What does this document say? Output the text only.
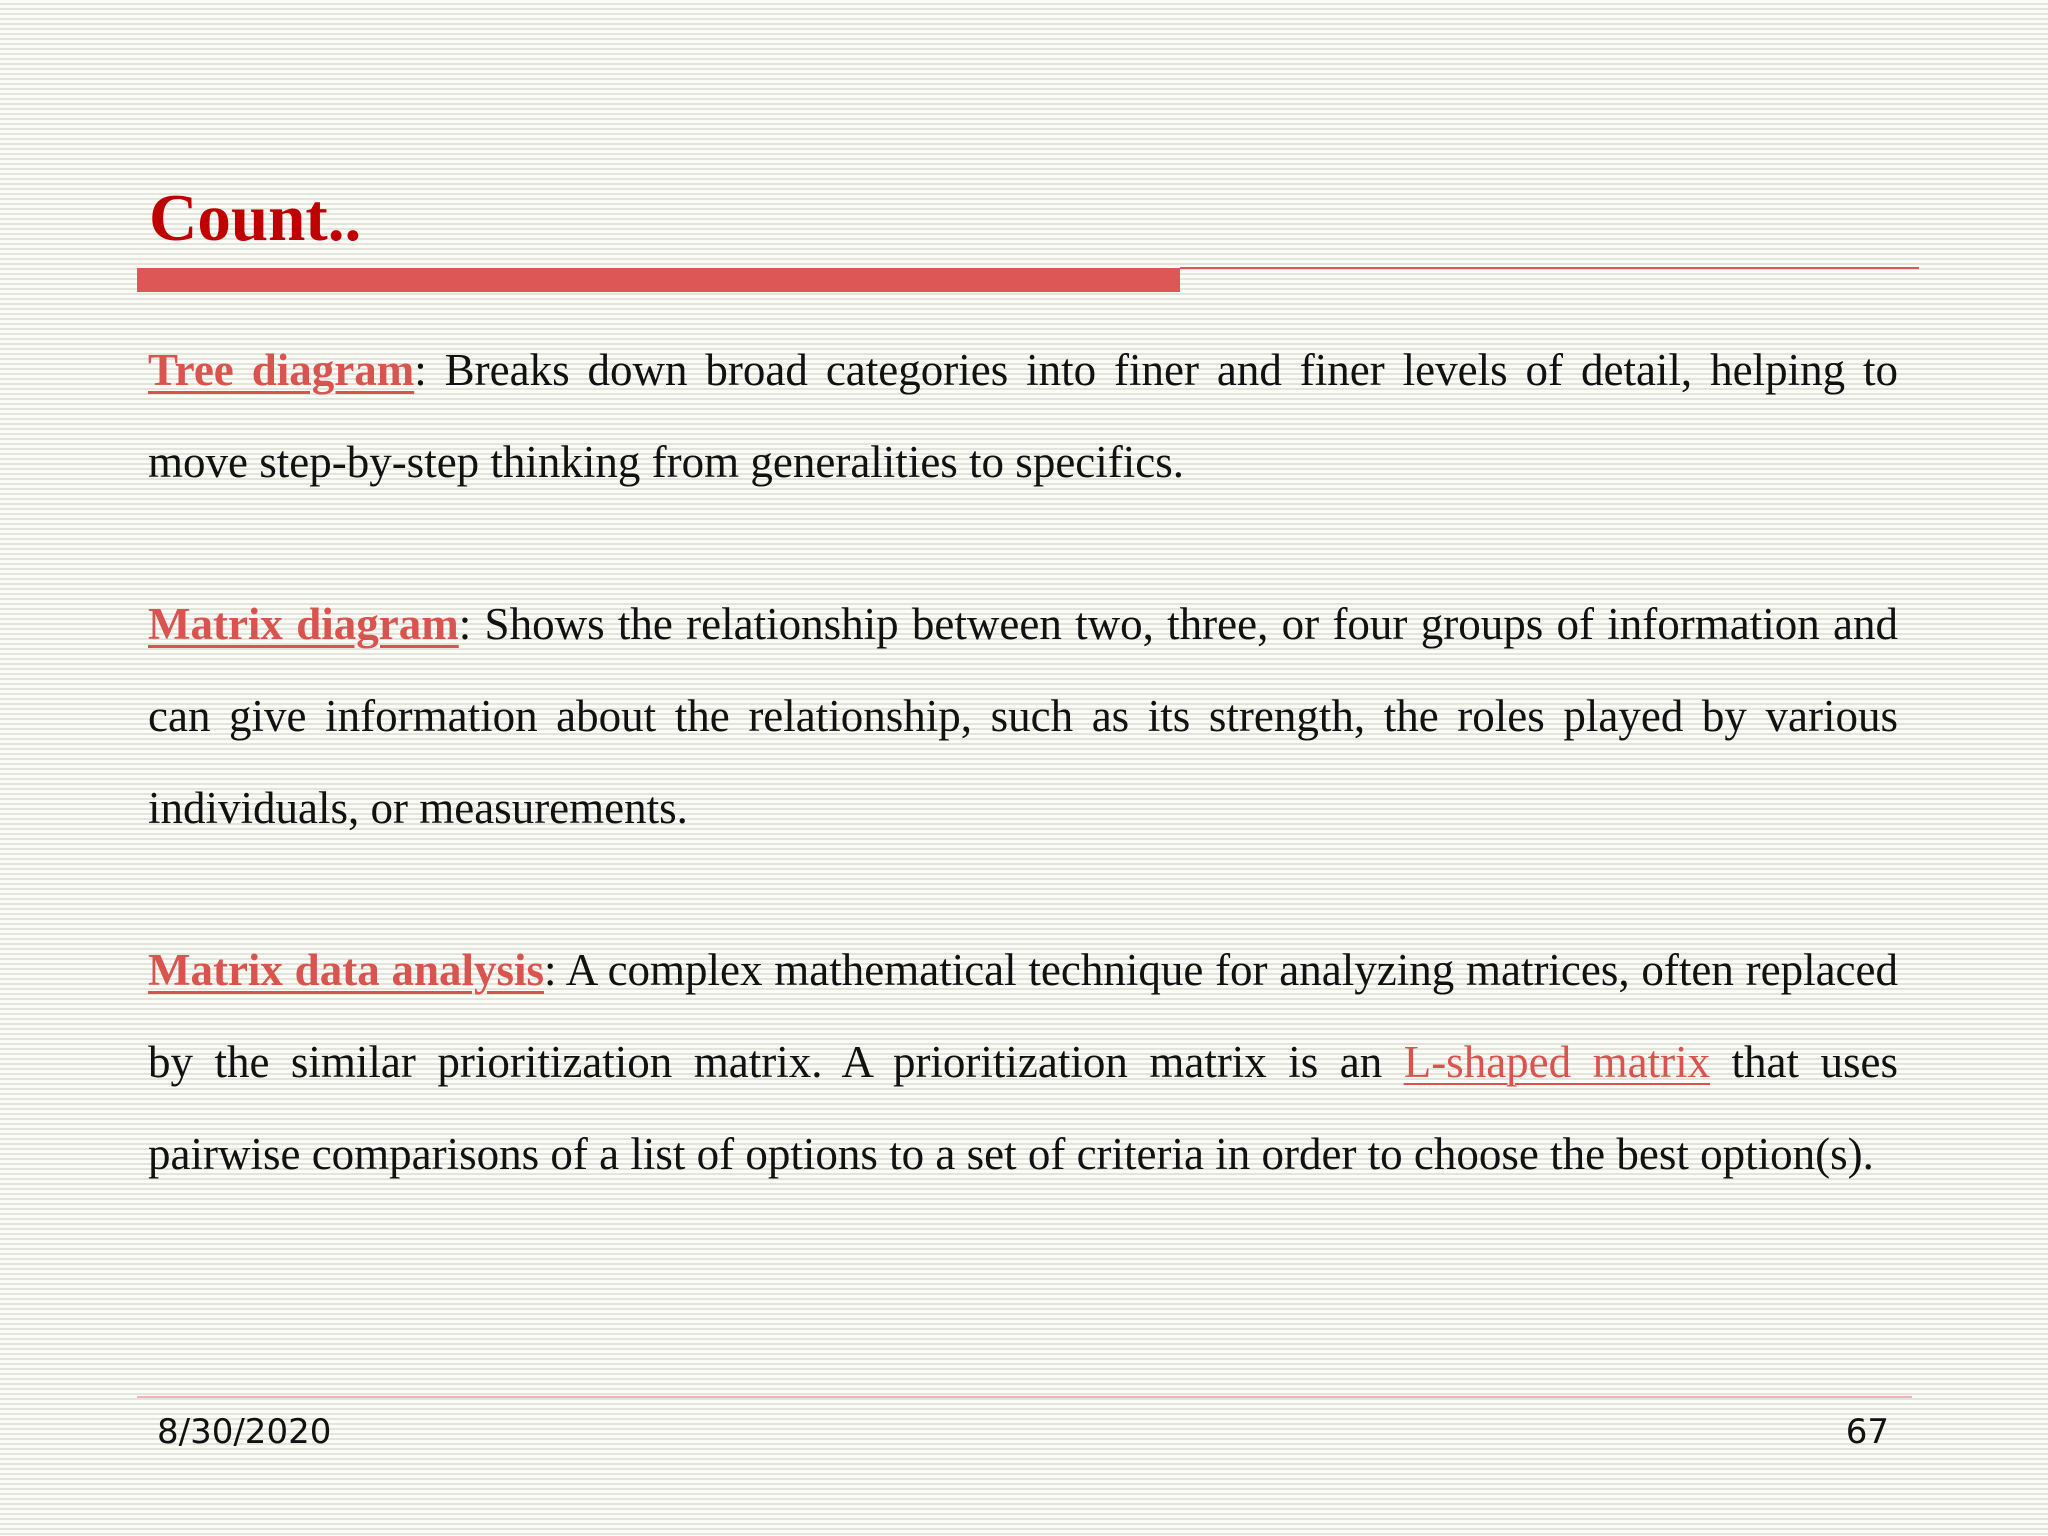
Count..

Tree diagram: Breaks down broad categories into finer and finer levels of detail, helping to move step-by-step thinking from generalities to specifics.

Matrix diagram: Shows the relationship between two, three, or four groups of information and can give information about the relationship, such as its strength, the roles played by various individuals, or measurements.

Matrix data analysis: A complex mathematical technique for analyzing matrices, often replaced by the similar prioritization matrix. A prioritization matrix is an L-shaped matrix that uses pairwise comparisons of a list of options to a set of criteria in order to choose the best option(s).

8/30/2020	67
